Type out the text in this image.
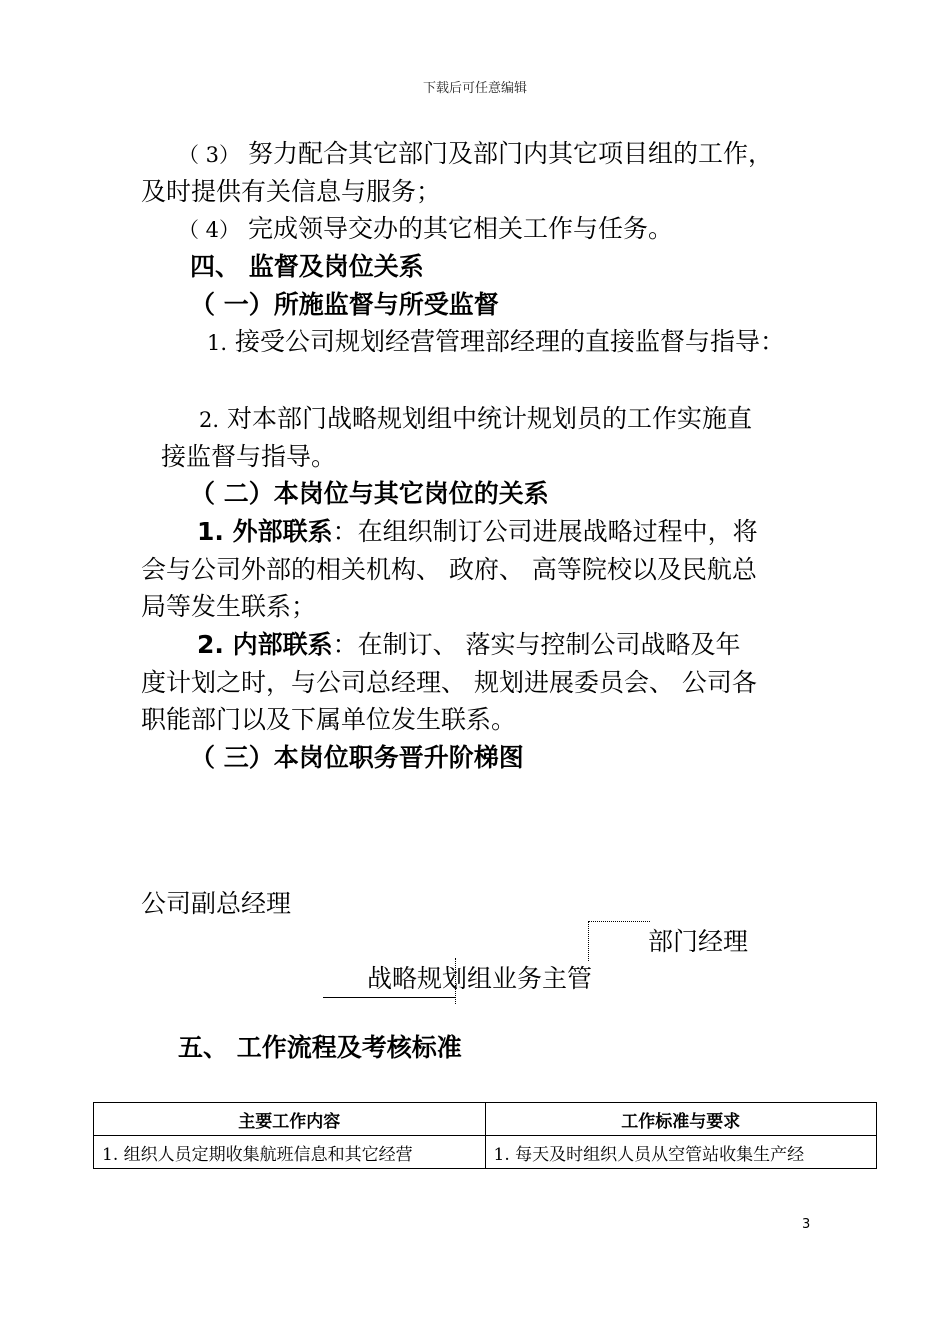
下载后可任意编辑
（ 3） 努力配合其它部门及部门内其它项目组的工作，
及时提供有关信息与服务；
（ 4） 完成领导交办的其它相关工作与任务。
四、 监督及岗位关系
（ 一）所施监督与所受监督
1. 接受公司规划经营管理部经理的直接监督与指导：
2. 对本部门战略规划组中统计规划员的工作实施直
接监督与指导。
（ 二）本岗位与其它岗位的关系
1. 外部联系：在组织制订公司进展战略过程中，将
会与公司外部的相关机构、 政府、 高等院校以及民航总
局等发生联系；
2. 内部联系：在制订、 落实与控制公司战略及年
度计划之时，与公司总经理、 规划进展委员会、 公司各
职能部门以及下属单位发生联系。
（ 三）本岗位职务晋升阶梯图
公司副总经理
部门经理
战略规划组业务主管
五、 工作流程及考核标准
主要工作内容	工作标准与要求
1. 组织人员定期收集航班信息和其它经营	1. 每天及时组织人员从空管站收集生产经
3
